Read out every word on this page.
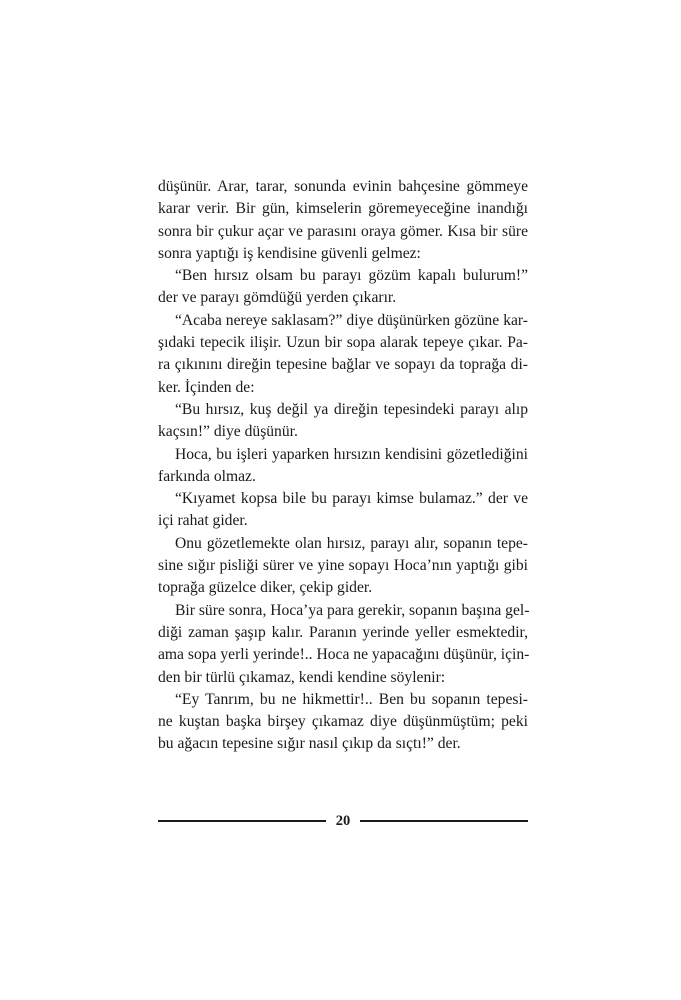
düşünür. Arar, tarar, sonunda evinin bahçesine gömmeye
karar verir. Bir gün, kimselerin göremeyeceğine inandığı
sonra bir çukur açar ve parasını oraya gömer. Kısa bir süre
sonra yaptığı iş kendisine güvenli gelmez:
“Ben hırsız olsam bu parayı gözüm kapalı bulurum!”
der ve parayı gömdüğü yerden çıkarır.
“Acaba nereye saklasam?” diye düşünürken gözüne kar-
şıdaki tepecik ilişir. Uzun bir sopa alarak tepeye çıkar. Pa-
ra çıkınını direğin tepesine bağlar ve sopayı da toprağa di-
ker. İçinden de:
“Bu hırsız, kuş değil ya direğin tepesindeki parayı alıp
kaçsın!” diye düşünür.
Hoca, bu işleri yaparken hırsızın kendisini gözetlediğini
farkında olmaz.
“Kıyamet kopsa bile bu parayı kimse bulamaz.” der ve
içi rahat gider.
Onu gözetlemekte olan hırsız, parayı alır, sopanın tepe-
sine sığır pisliği sürer ve yine sopayı Hoca’nın yaptığı gibi
toprağa güzelce diker, çekip gider.
Bir süre sonra, Hoca’ya para gerekir, sopanın başına gel-
diği zaman şaşıp kalır. Paranın yerinde yeller esmektedir,
ama sopa yerli yerinde!.. Hoca ne yapacağını düşünür, için-
den bir türlü çıkamaz, kendi kendine söylenir:
“Ey Tanrım, bu ne hikmettir!.. Ben bu sopanın tepesi-
ne kuştan başka birşey çıkamaz diye düşünmüştüm; peki
bu ağacın tepesine sığır nasıl çıkıp da sıçtı!” der.
20
